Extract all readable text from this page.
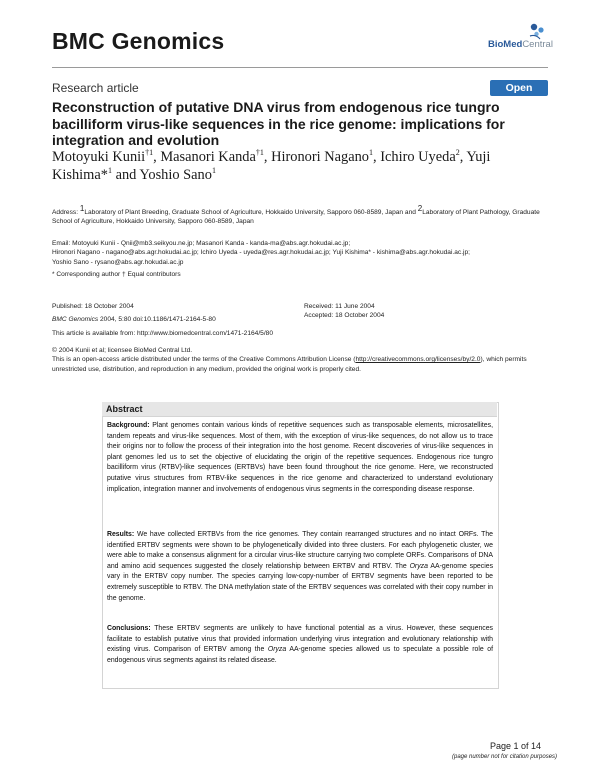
BMC Genomics	BioMedCentral
Research article	Open Access
Reconstruction of putative DNA virus from endogenous rice tungro bacilliform virus-like sequences in the rice genome: implications for integration and evolution
Motoyuki Kunii$^{\dagger 1}$, Masanori Kanda$^{\dagger 1}$, Hironori Nagano$^1$, Ichiro Uyeda$^2$, Yuji Kishima*$^1$ and Yoshio Sano$^1$
Address: $^1$Laboratory of Plant Breeding, Graduate School of Agriculture, Hokkaido University, Sapporo 060-8589, Japan and $^2$Laboratory of Plant Pathology, Graduate School of Agriculture, Hokkaido University, Sapporo 060-8589, Japan
Email: Motoyuki Kunii - Qnii@mb3.seikyou.ne.jp; Masanori Kanda - kanda-ma@abs.agr.hokudai.ac.jp;
Hironori Nagano - nagano@abs.agr.hokudai.ac.jp; Ichiro Uyeda - uyeda@res.agr.hokudai.ac.jp; Yuji Kishima* - kishima@abs.agr.hokudai.ac.jp;
Yoshio Sano - rysano@abs.agr.hokudai.ac.jp
* Corresponding author † Equal contributors
Published: 18 October 2004
BMC Genomics 2004, 5:80 doi:10.1186/1471-2164-5-80
This article is available from: http://www.biomedcentral.com/1471-2164/5/80
Received: 11 June 2004
Accepted: 18 October 2004
© 2004 Kunii et al; licensee BioMed Central Ltd.
This is an open-access article distributed under the terms of the Creative Commons Attribution License (http://creativecommons.org/licenses/by/2.0), which permits unrestricted use, distribution, and reproduction in any medium, provided the original work is properly cited.
Abstract
Background: Plant genomes contain various kinds of repetitive sequences such as transposable elements, microsatellites, tandem repeats and virus-like sequences. Most of them, with the exception of virus-like sequences, do not allow us to trace their origins nor to follow the process of their integration into the host genome. Recent discoveries of virus-like sequences in plant genomes led us to set the objective of elucidating the origin of the repetitive sequences. Endogenous rice tungro bacilliform virus (RTBV)-like sequences (ERTBVs) have been found throughout the rice genome. Here, we reconstructed putative virus structures from RTBV-like sequences in the rice genome and characterized to understand evolutionary implication, integration manner and involvements of endogenous virus segments in the corresponding disease response.
Results: We have collected ERTBVs from the rice genomes. They contain rearranged structures and no intact ORFs. The identified ERTBV segments were shown to be phylogenetically divided into three clusters. For each phylogenetic cluster, we were able to make a consensus alignment for a circular virus-like structure carrying two complete ORFs. Comparisons of DNA and amino acid sequences suggested the closely relationship between ERTBV and RTBV. The Oryza AA-genome species vary in the ERTBV copy number. The species carrying low-copy-number of ERTBV segments have been reported to be extremely susceptible to RTBV. The DNA methylation state of the ERTBV sequences was correlated with their copy number in the genome.
Conclusions: These ERTBV segments are unlikely to have functional potential as a virus. However, these sequences facilitate to establish putative virus that provided information underlying virus integration and evolutionary relationship with existing virus. Comparison of ERTBV among the Oryza AA-genome species allowed us to speculate a possible role of endogenous virus segments against its related disease.
Page 1 of 14
(page number not for citation purposes)
